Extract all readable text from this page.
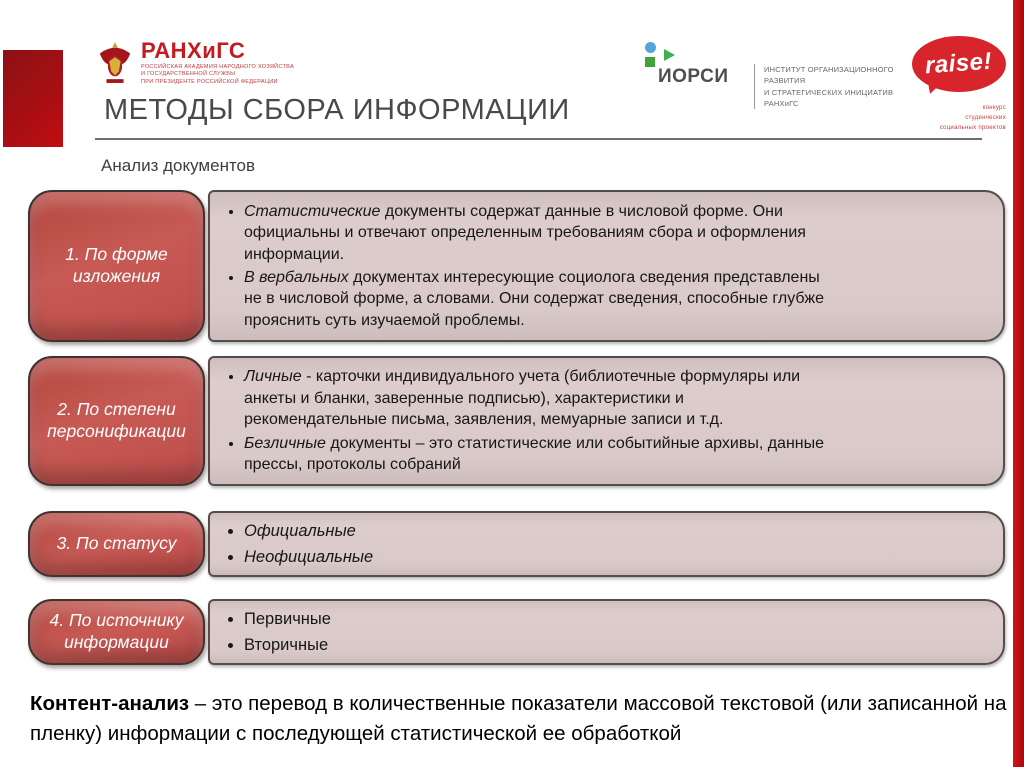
РАНХиГС
РОССИЙСКАЯ АКАДЕМИЯ НАРОДНОГО ХОЗЯЙСТВА
И ГОСУДАРСТВЕННОЙ СЛУЖБЫ
ПРИ ПРЕЗИДЕНТЕ РОССИЙСКОЙ ФЕДЕРАЦИИ	ИОРСИ	ИНСТИТУТ ОРГАНИЗАЦИОННОГО РАЗВИТИЯ
И СТРАТЕГИЧЕСКИХ ИНИЦИАТИВ РАНХиГС
raise!
конкурс
студенческих
социальных проектов
МЕТОДЫ СБОРА ИНФОРМАЦИИ
Анализ документов
1. По форме изложения
• Статистические документы содержат данные в числовой форме. Они официальны и отвечают определенным требованиям сбора и оформления информации.
• В вербальных документах интересующие социолога сведения представлены не в числовой форме, а словами. Они содержат сведения, способные глубже прояснить суть изучаемой проблемы.
2. По степени персонификации
• Личные - карточки индивидуального учета (библиотечные формуляры или анкеты и бланки, заверенные подписью), характеристики и рекомендательные письма, заявления, мемуарные записи и т.д.
• Безличные документы – это статистические или событийные архивы, данные прессы, протоколы собраний
3. По статусу
• Официальные
• Неофициальные
4. По источнику информации
• Первичные
• Вторичные
Контент-анализ – это перевод в количественные показатели массовой текстовой (или записанной на пленку) информации с последующей статистической ее обработкой
